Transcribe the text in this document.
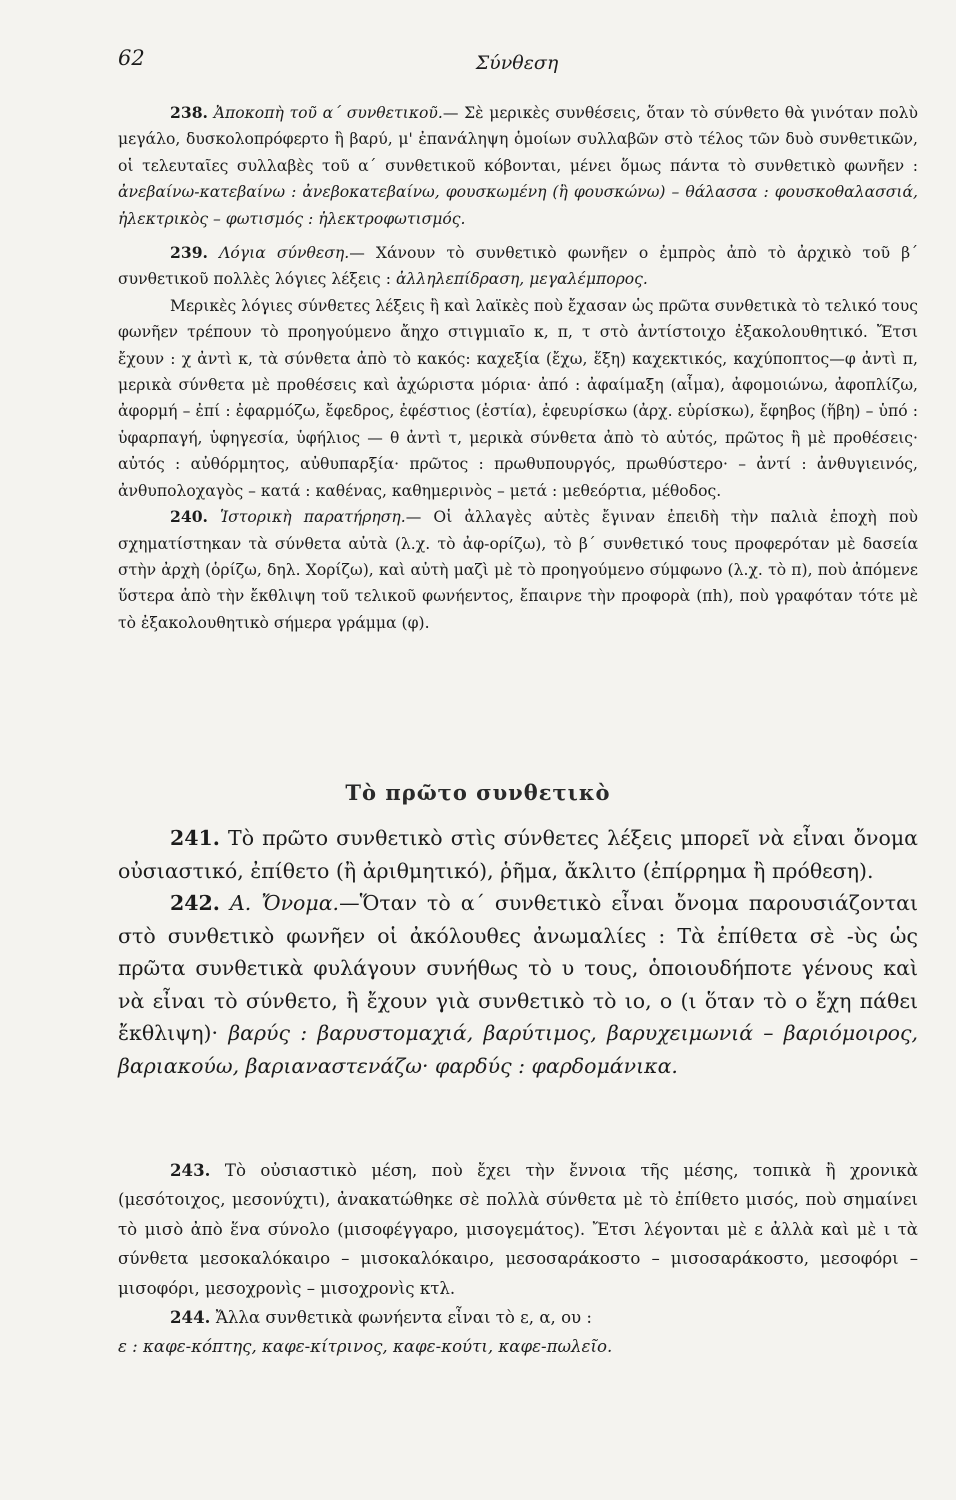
62	Σύνθεση

238. Ἀποκοπὴ τοῦ α΄ συνθετικοῦ.— Σὲ μερικὲς συνθέσεις, ὅταν τὸ σύνθετο θὰ γινόταν πολὺ μεγάλο, δυσκολοπρόφερτο ἢ βαρύ, μ' ἐπανάληψη ὁμοίων συλλαβῶν στὸ τέλος τῶν δυὸ συνθετικῶν, οἱ τελευταῖες συλλαβὲς τοῦ α΄ συνθετικοῦ κόβονται, μένει ὅμως πάντα τὸ συνθετικὸ φωνῆεν : ἀνεβαίνω-κατεβαίνω : ἀνεβοκατεβαίνω, φουσκωμένη (ἢ φουσκώνω) – θάλασσα : φουσκοθαλασσιά, ἠλεκτρικὸς – φωτισμός : ἠλεκτροφωτισμός.

239. Λόγια σύνθεση.— Χάνουν τὸ συνθετικὸ φωνῆεν ο ἐμπρὸς ἀπὸ τὸ ἀρχικὸ τοῦ β΄ συνθετικοῦ πολλὲς λόγιες λέξεις : ἀλληλεπίδραση, μεγαλέμπορος.

Μερικὲς λόγιες σύνθετες λέξεις ἢ καὶ λαϊκὲς ποὺ ἔχασαν ὡς πρῶτα συνθετικὰ τὸ τελικό τους φωνῆεν τρέπουν τὸ προηγούμενο ἄηχο στιγμιαῖο κ, π, τ στὸ ἀντίστοιχο ἐξακολουθητικό. Ἔτσι ἔχουν : χ ἀντὶ κ, τὰ σύνθετα ἀπὸ τὸ κακός: καχεξία (ἔχω, ἕξη) καχεκτικός, καχύποπτος—φ ἀντὶ π, μερικὰ σύνθετα μὲ προθέσεις καὶ ἀχώριστα μόρια· ἀπό : ἀφαίμαξη (αἷμα), ἀφομοιώνω, ἀφοπλίζω, ἀφορμή – ἐπί : ἐφαρμόζω, ἔφεδρος, ἐφέστιος (ἑστία), ἐφευρίσκω (ἀρχ. εὑρίσκω), ἔφηβος (ἥβη) – ὑπό : ὑφαρπαγή, ὑφηγεσία, ὑφήλιος — θ ἀντὶ τ, μερικὰ σύνθετα ἀπὸ τὸ αὐτός, πρῶτος ἢ μὲ προθέσεις· αὐτός : αὐθόρμητος, αὐθυπαρξία· πρῶτος : πρωθυπουργός, πρωθύστερο· – ἀντί : ἀνθυγιεινός, ἀνθυπολοχαγὸς – κατά : καθένας, καθημερινὸς – μετά : μεθεόρτια, μέθοδος.

240. Ἱστορικὴ παρατήρηση.— Οἱ ἀλλαγὲς αὐτὲς ἔγιναν ἐπειδὴ τὴν παλιὰ ἐποχὴ ποὺ σχηματίστηκαν τὰ σύνθετα αὐτὰ (λ.χ. τὸ ἀφ-ορίζω), τὸ β΄ συνθετικό τους προφερόταν μὲ δασεία στὴν ἀρχὴ (ὁρίζω, δηλ. Χορίζω), καὶ αὐτὴ μαζὶ μὲ τὸ προηγούμενο σύμφωνο (λ.χ. τὸ π), ποὺ ἀπόμενε ὕστερα ἀπὸ τὴν ἔκθλιψη τοῦ τελικοῦ φωνήεντος, ἔπαιρνε τὴν προφορὰ (πh), ποὺ γραφόταν τότε μὲ τὸ ἐξακολουθητικὸ σήμερα γράμμα (φ).

Τὸ πρῶτο συνθετικὸ

241. Τὸ πρῶτο συνθετικὸ στὶς σύνθετες λέξεις μπορεῖ νὰ εἶναι ὄνομα οὐσιαστικό, ἐπίθετο (ἢ ἀριθμητικό), ῥῆμα, ἄκλιτο (ἐπίρρημα ἢ πρόθεση).

242. Α. Ὄνομα.—Ὅταν τὸ α΄ συνθετικὸ εἶναι ὄνομα παρουσιάζονται στὸ συνθετικὸ φωνῆεν οἱ ἀκόλουθες ἀνωμαλίες : Τὰ ἐπίθετα σὲ -ὺς ὡς πρῶτα συνθετικὰ φυλάγουν συνήθως τὸ υ τους, ὁποιουδήποτε γένους καὶ νὰ εἶναι τὸ σύνθετο, ἢ ἔχουν γιὰ συνθετικὸ τὸ ιο, ο (ι ὅταν τὸ ο ἔχη πάθει ἔκθλιψη)· βαρύς : βαρυστομαχιά, βαρύτιμος, βαρυχειμωνιά – βαριόμοιρος, βαριακούω, βαριαναστενάζω· φαρδύς : φαρδομάνικα.

243. Τὸ οὐσιαστικὸ μέση, ποὺ ἔχει τὴν ἔννοια τῆς μέσης, τοπικὰ ἢ χρονικὰ (μεσότοιχος, μεσονύχτι), ἀνακατώθηκε σὲ πολλὰ σύνθετα μὲ τὸ ἐπίθετο μισός, ποὺ σημαίνει τὸ μισὸ ἀπὸ ἕνα σύνολο (μισοφέγγαρο, μισογεμάτος). Ἔτσι λέγονται μὲ ε ἀλλὰ καὶ μὲ ι τὰ σύνθετα μεσοκαλόκαιρο – μισοκαλόκαιρο, μεσοσαράκοστο – μισοσαράκοστο, μεσοφόρι – μισοφόρι, μεσοχρονὶς – μισοχρονὶς κτλ.

244. Ἄλλα συνθετικὰ φωνήεντα εἶναι τὸ ε, α, ου :

ε : καφε-κόπτης, καφε-κίτρινος, καφε-κούτι, καφε-πωλεῖο.
